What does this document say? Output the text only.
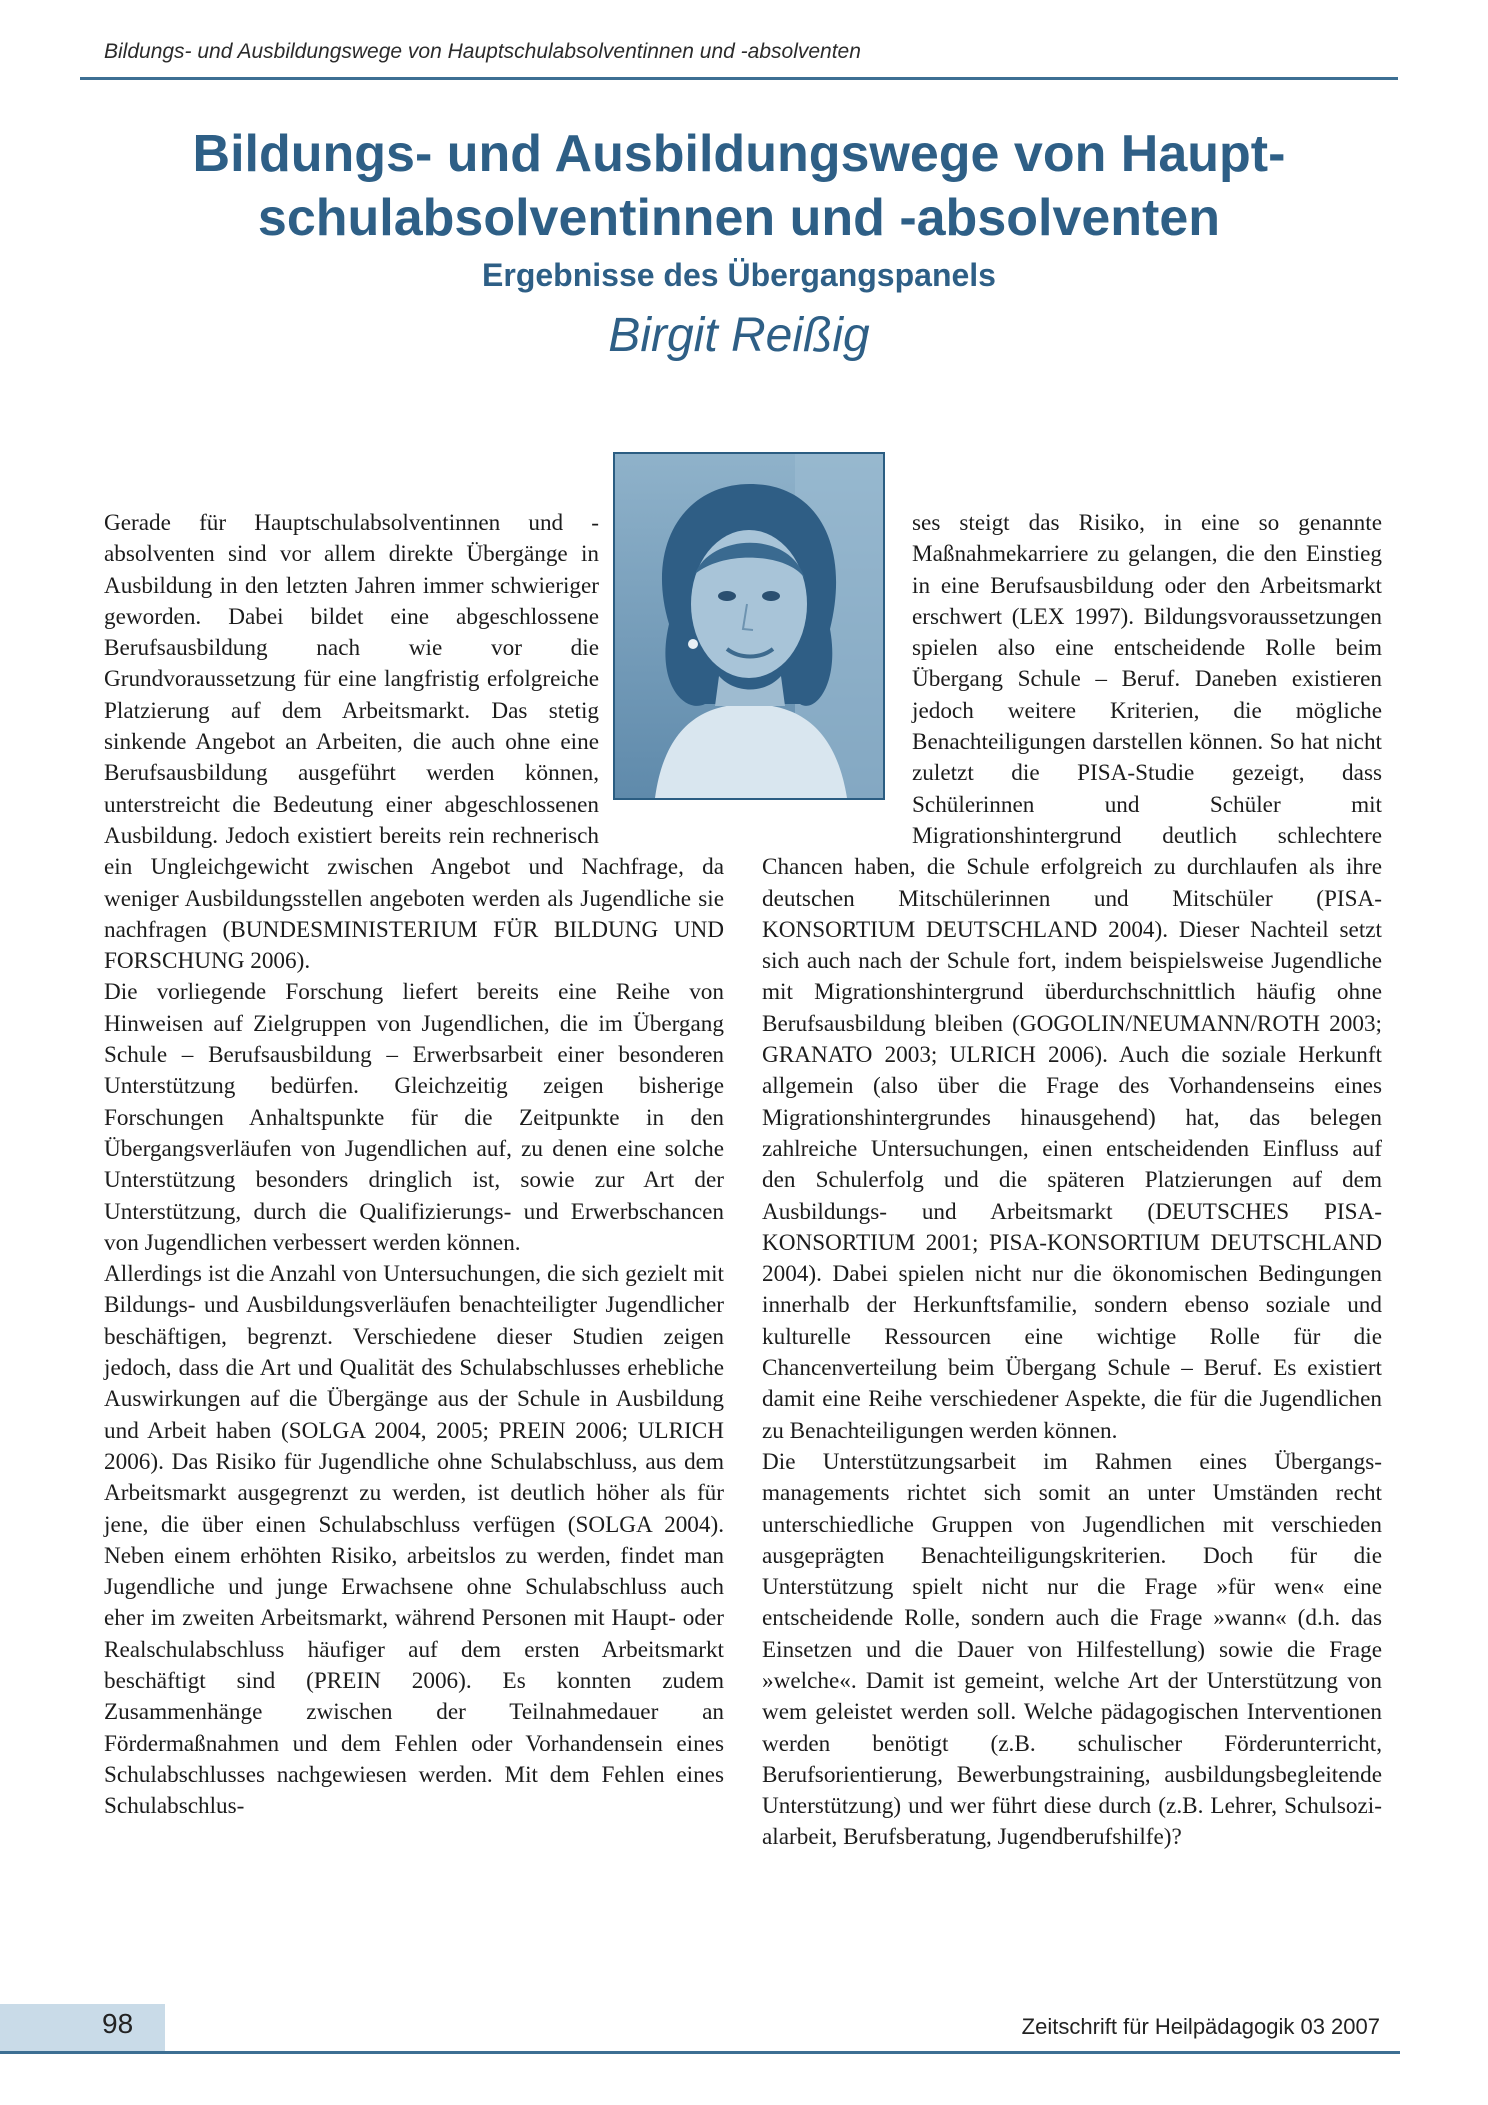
Bildungs- und Ausbildungswege von Hauptschulabsolventinnen und -absolventen
Bildungs- und Ausbildungswege von Haupt-
schulabsolventinnen und -absolventen
Ergebnisse des Übergangspanels
Birgit Reißig

Gerade für Hauptschulabsolventinnen und -absolventen sind vor allem direkte Übergänge in Ausbildung in den letzten Jahren immer schwieriger geworden. Dabei bildet eine abgeschlossene Berufsausbildung nach wie vor die Grundvoraussetzung für eine langfristig erfolgreiche Platzierung auf dem Arbeitsmarkt. Das stetig sinkende Angebot an Arbeiten, die auch ohne eine Berufsausbildung ausgeführt werden können, unterstreicht die Bedeutung einer abgeschlossenen Ausbildung. Jedoch existiert bereits rein rechnerisch ein Ungleichgewicht zwischen Angebot und Nachfrage, da weniger Ausbildungsstellen angeboten werden als Jugendliche sie nachfragen (BUNDESMINISTERIUM FÜR BILDUNG UND FORSCHUNG 2006).

Die vorliegende Forschung liefert bereits eine Reihe von Hinweisen auf Zielgruppen von Jugendlichen, die im Übergang Schule – Berufsausbildung – Erwerbsarbeit einer besonderen Unterstützung bedürfen. Gleichzeitig zeigen bisherige Forschungen Anhaltspunkte für die Zeitpunkte in den Übergangsverläufen von Jugendlichen auf, zu denen eine solche Unterstützung besonders dringlich ist, sowie zur Art der Unterstützung, durch die Qualifizierungs- und Erwerbschancen von Jugendlichen verbessert werden können.

Allerdings ist die Anzahl von Untersuchungen, die sich gezielt mit Bildungs- und Ausbildungsverläufen benachteiligter Jugendlicher beschäftigen, begrenzt. Verschiedene dieser Studien zeigen jedoch, dass die Art und Qualität des Schulabschlusses erhebliche Auswirkungen auf die Übergänge aus der Schule in Ausbildung und Arbeit haben (SOLGA 2004, 2005; PREIN 2006; ULRICH 2006). Das Risiko für Jugendliche ohne Schulabschluss, aus dem Arbeitsmarkt ausgegrenzt zu werden, ist deutlich höher als für jene, die über einen Schulabschluss verfügen (SOLGA 2004). Neben einem erhöhten Risiko, arbeitslos zu werden, findet man Jugendliche und junge Erwachsene ohne Schulabschluss auch eher im zweiten Arbeitsmarkt, während Personen mit Haupt- oder Realschulabschluss häufiger auf dem ersten Arbeitsmarkt beschäftigt sind (PREIN 2006). Es konnten zudem Zusammenhänge zwischen der Teilnahmedauer an Fördermaßnahmen und dem Fehlen oder Vorhandensein eines Schulabschlusses nachgewiesen werden. Mit dem Fehlen eines Schulabschlus-

ses steigt das Risiko, in eine so genannte Maßnahmekarriere zu gelangen, die den Einstieg in eine Berufsausbildung oder den Arbeitsmarkt erschwert (LEX 1997). Bildungsvoraussetzungen spielen also eine entscheidende Rolle beim Übergang Schule – Beruf. Daneben existieren jedoch weitere Kriterien, die mögliche Benachteiligungen darstellen können. So hat nicht zuletzt die PISA-Studie gezeigt, dass Schülerinnen und Schüler mit Migrationshintergrund deutlich schlechtere Chancen haben, die Schule erfolgreich zu durchlaufen als ihre deutschen Mitschülerinnen und Mitschüler (PISA-KONSORTIUM DEUTSCHLAND 2004). Dieser Nachteil setzt sich auch nach der Schule fort, indem beispielsweise Jugendliche mit Migrationshintergrund überdurchschnittlich häufig ohne Berufsausbildung bleiben (GOGOLIN/NEUMANN/ROTH 2003; GRANATO 2003; ULRICH 2006). Auch die soziale Herkunft allgemein (also über die Frage des Vorhandenseins eines Migrationshintergrundes hinausgehend) hat, das belegen zahlreiche Untersuchungen, einen entscheidenden Einfluss auf den Schulerfolg und die späteren Platzierungen auf dem Ausbildungs- und Arbeitsmarkt (DEUTSCHES PISA-KONSORTIUM 2001; PISA-KONSORTIUM DEUTSCHLAND 2004). Dabei spielen nicht nur die ökonomischen Bedingungen innerhalb der Herkunftsfamilie, sondern ebenso soziale und kulturelle Ressourcen eine wichtige Rolle für die Chancenverteilung beim Übergang Schule – Beruf. Es existiert damit eine Reihe verschiedener Aspekte, die für die Jugendlichen zu Benachteiligungen werden können.

Die Unterstützungsarbeit im Rahmen eines Übergangsmanagements richtet sich somit an unter Umständen recht unterschiedliche Gruppen von Jugendlichen mit verschieden ausgeprägten Benachteiligungskriterien. Doch für die Unterstützung spielt nicht nur die Frage »für wen« eine entscheidende Rolle, sondern auch die Frage »wann« (d.h. das Einsetzen und die Dauer von Hilfestellung) sowie die Frage »welche«. Damit ist gemeint, welche Art der Unterstützung von wem geleistet werden soll. Welche pädagogischen Interventionen werden benötigt (z.B. schulischer Förderunterricht, Berufsorientierung, Bewerbungstraining, ausbildungsbegleitende Unterstützung) und wer führt diese durch (z.B. Lehrer, Schulsozialarbeit, Berufsberatung, Jugendberufshilfe)?

98	Zeitschrift für Heilpädagogik 03 2007
